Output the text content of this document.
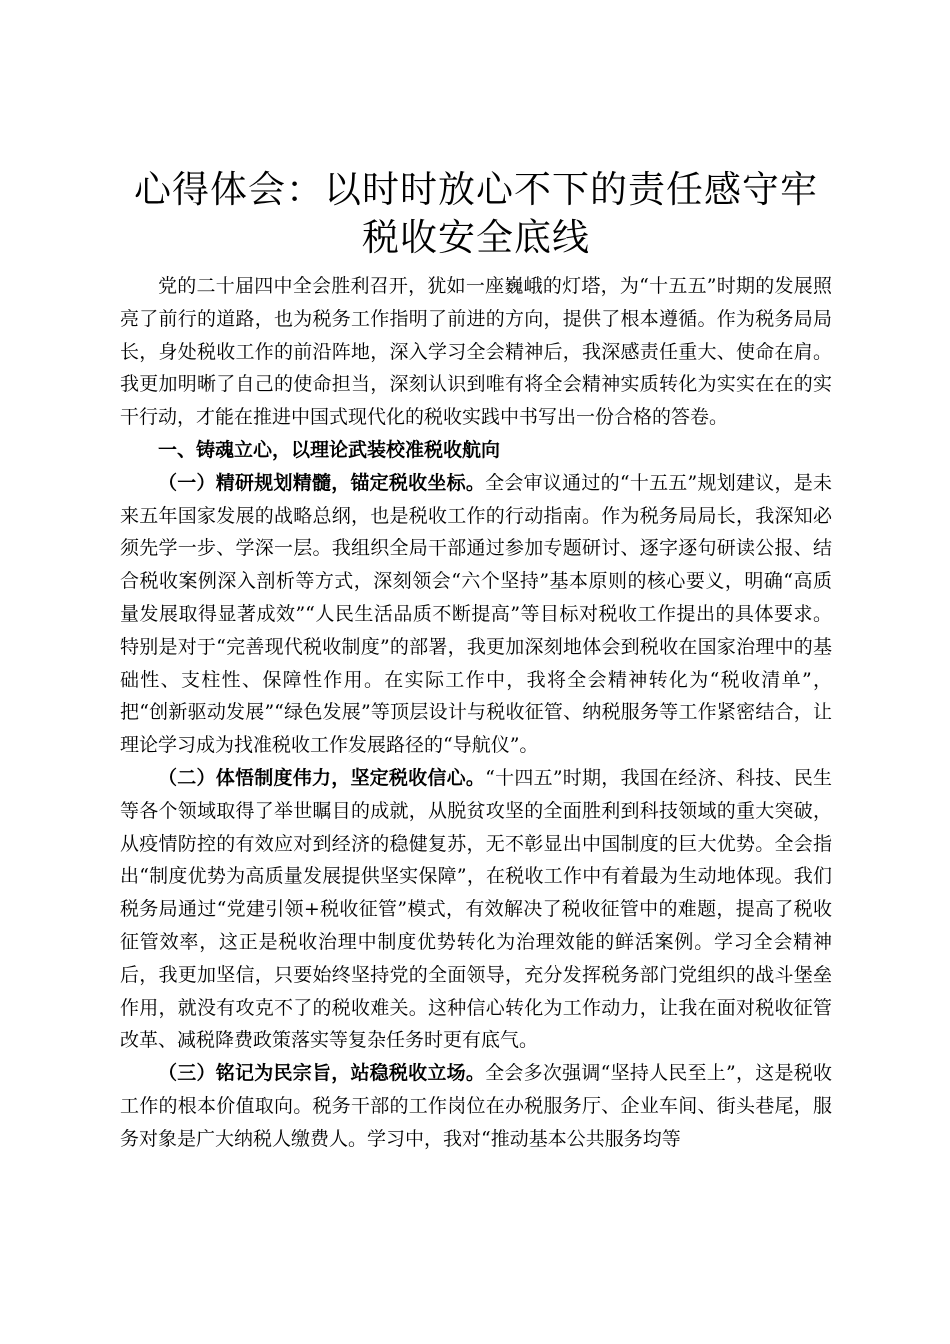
心得体会：以时时放心不下的责任感守牢税收安全底线

党的二十届四中全会胜利召开，犹如一座巍峨的灯塔，为“十五五”时期的发展照亮了前行的道路，也为税务工作指明了前进的方向，提供了根本遵循。作为税务局局长，身处税收工作的前沿阵地，深入学习全会精神后，我深感责任重大、使命在肩。我更加明晰了自己的使命担当，深刻认识到唯有将全会精神实质转化为实实在在的实干行动，才能在推进中国式现代化的税收实践中书写出一份合格的答卷。

一、铸魂立心，以理论武装校准税收航向

（一）精研规划精髓，锚定税收坐标。全会审议通过的“十五五”规划建议，是未来五年国家发展的战略总纲，也是税收工作的行动指南。作为税务局局长，我深知必须先学一步、学深一层。我组织全局干部通过参加专题研讨、逐字逐句研读公报、结合税收案例深入剖析等方式，深刻领会“六个坚持”基本原则的核心要义，明确“高质量发展取得显著成效”“人民生活品质不断提高”等目标对税收工作提出的具体要求。特别是对于“完善现代税收制度”的部署，我更加深刻地体会到税收在国家治理中的基础性、支柱性、保障性作用。在实际工作中，我将全会精神转化为“税收清单”，把“创新驱动发展”“绿色发展”等顶层设计与税收征管、纳税服务等工作紧密结合，让理论学习成为找准税收工作发展路径的“导航仪”。

（二）体悟制度伟力，坚定税收信心。“十四五”时期，我国在经济、科技、民生等各个领域取得了举世瞩目的成就，从脱贫攻坚的全面胜利到科技领域的重大突破，从疫情防控的有效应对到经济的稳健复苏，无不彰显出中国制度的巨大优势。全会指出“制度优势为高质量发展提供坚实保障”，在税收工作中有着最为生动地体现。我们税务局通过“党建引领+税收征管”模式，有效解决了税收征管中的难题，提高了税收征管效率，这正是税收治理中制度优势转化为治理效能的鲜活案例。学习全会精神后，我更加坚信，只要始终坚持党的全面领导，充分发挥税务部门党组织的战斗堡垒作用，就没有攻克不了的税收难关。这种信心转化为工作动力，让我在面对税收征管改革、减税降费政策落实等复杂任务时更有底气。

（三）铭记为民宗旨，站稳税收立场。全会多次强调“坚持人民至上”，这是税收工作的根本价值取向。税务干部的工作岗位在办税服务厅、企业车间、街头巷尾，服务对象是广大纳税人缴费人。学习中，我对“推动基本公共服务均等
